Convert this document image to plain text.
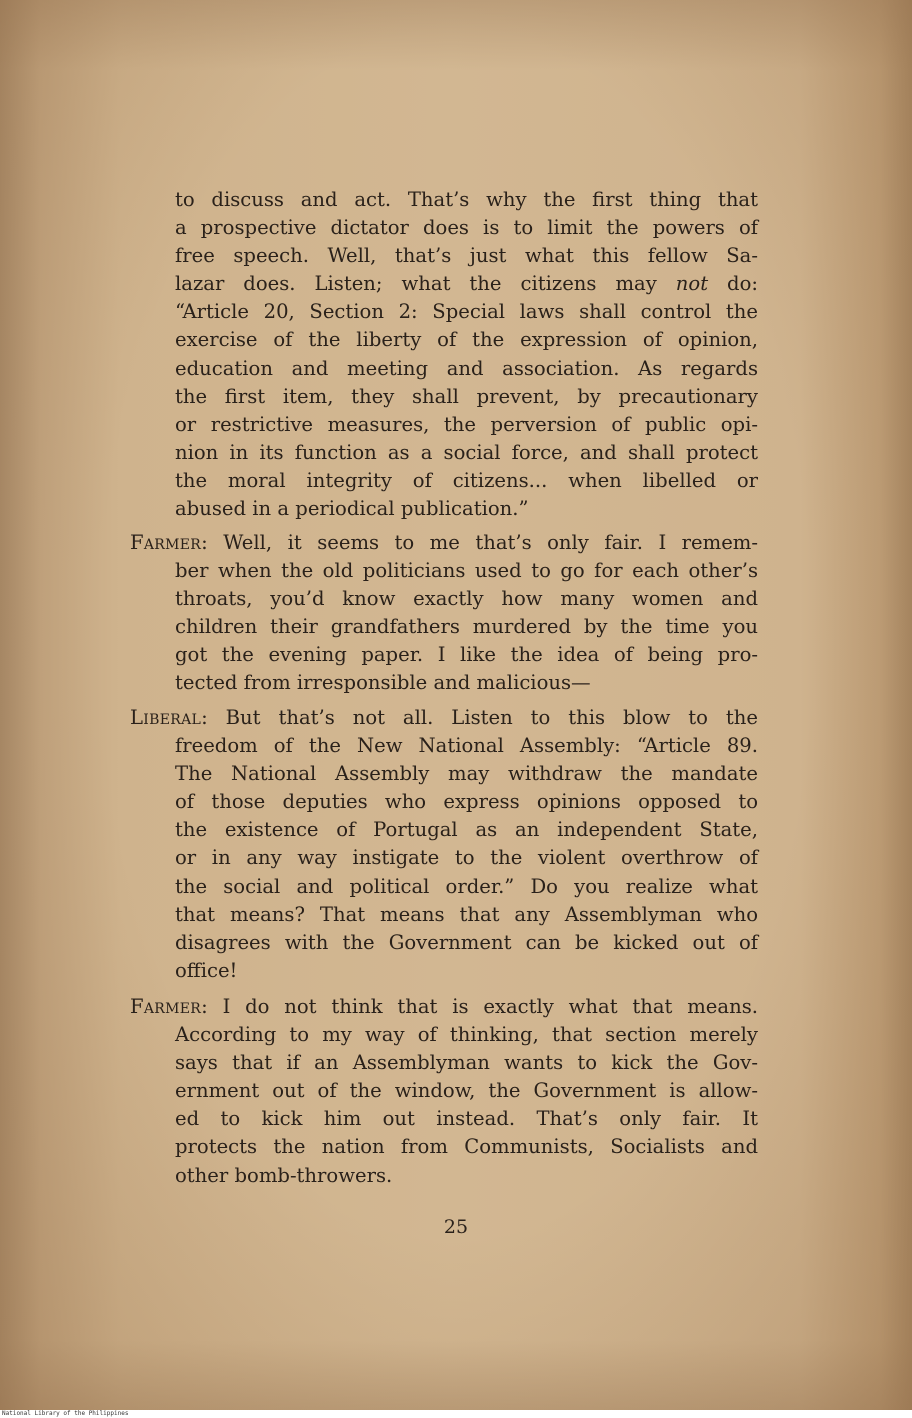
to discuss and act. That’s why the first thing that
a prospective dictator does is to limit the powers of
free speech. Well, that’s just what this fellow Sa-
lazar does. Listen; what the citizens may not do:
“Article 20, Section 2: Special laws shall control the
exercise of the liberty of the expression of opinion,
education and meeting and association. As regards
the first item, they shall prevent, by precautionary
or restrictive measures, the perversion of public opi-
nion in its function as a social force, and shall protect
the moral integrity of citizens... when libelled or
abused in a periodical publication.”
Farmer: Well, it seems to me that’s only fair. I remem-
ber when the old politicians used to go for each other’s
throats, you’d know exactly how many women and
children their grandfathers murdered by the time you
got the evening paper. I like the idea of being pro-
tected from irresponsible and malicious—
Liberal: But that’s not all. Listen to this blow to the
freedom of the New National Assembly: “Article 89.
The National Assembly may withdraw the mandate
of those deputies who express opinions opposed to
the existence of Portugal as an independent State,
or in any way instigate to the violent overthrow of
the social and political order.” Do you realize what
that means? That means that any Assemblyman who
disagrees with the Government can be kicked out of
office!
Farmer: I do not think that is exactly what that means.
According to my way of thinking, that section merely
says that if an Assemblyman wants to kick the Gov-
ernment out of the window, the Government is allow-
ed to kick him out instead. That’s only fair. It
protects the nation from Communists, Socialists and
other bomb-throwers.
25
National Library of the Philippines
